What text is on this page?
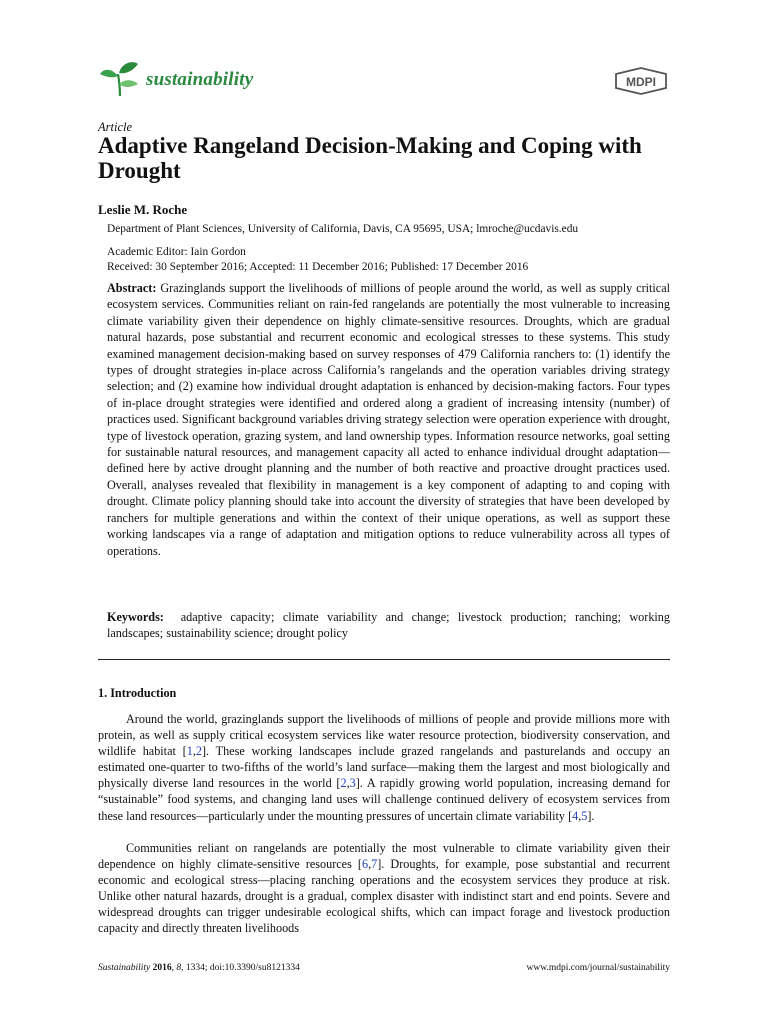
sustainability	MDPI
Article
Adaptive Rangeland Decision-Making and Coping with Drought
Leslie M. Roche
Department of Plant Sciences, University of California, Davis, CA 95695, USA; lmroche@ucdavis.edu
Academic Editor: Iain Gordon
Received: 30 September 2016; Accepted: 11 December 2016; Published: 17 December 2016

Abstract: Grazinglands support the livelihoods of millions of people around the world, as well as supply critical ecosystem services. Communities reliant on rain-fed rangelands are potentially the most vulnerable to increasing climate variability given their dependence on highly climate-sensitive resources. Droughts, which are gradual natural hazards, pose substantial and recurrent economic and ecological stresses to these systems. This study examined management decision-making based on survey responses of 479 California ranchers to: (1) identify the types of drought strategies in-place across California’s rangelands and the operation variables driving strategy selection; and (2) examine how individual drought adaptation is enhanced by decision-making factors. Four types of in-place drought strategies were identified and ordered along a gradient of increasing intensity (number) of practices used. Significant background variables driving strategy selection were operation experience with drought, type of livestock operation, grazing system, and land ownership types. Information resource networks, goal setting for sustainable natural resources, and management capacity all acted to enhance individual drought adaptation—defined here by active drought planning and the number of both reactive and proactive drought practices used. Overall, analyses revealed that flexibility in management is a key component of adapting to and coping with drought. Climate policy planning should take into account the diversity of strategies that have been developed by ranchers for multiple generations and within the context of their unique operations, as well as support these working landscapes via a range of adaptation and mitigation options to reduce vulnerability across all types of operations.

Keywords: adaptive capacity; climate variability and change; livestock production; ranching; working landscapes; sustainability science; drought policy

1. Introduction

Around the world, grazinglands support the livelihoods of millions of people and provide millions more with protein, as well as supply critical ecosystem services like water resource protection, biodiversity conservation, and wildlife habitat [1,2]. These working landscapes include grazed rangelands and pasturelands and occupy an estimated one-quarter to two-fifths of the world’s land surface—making them the largest and most biologically and physically diverse land resources in the world [2,3]. A rapidly growing world population, increasing demand for “sustainable” food systems, and changing land uses will challenge continued delivery of ecosystem services from these land resources—particularly under the mounting pressures of uncertain climate variability [4,5].

Communities reliant on rangelands are potentially the most vulnerable to climate variability given their dependence on highly climate-sensitive resources [6,7]. Droughts, for example, pose substantial and recurrent economic and ecological stress—placing ranching operations and the ecosystem services they produce at risk. Unlike other natural hazards, drought is a gradual, complex disaster with indistinct start and end points. Severe and widespread droughts can trigger undesirable ecological shifts, which can impact forage and livestock production capacity and directly threaten livelihoods

Sustainability 2016, 8, 1334; doi:10.3390/su8121334	www.mdpi.com/journal/sustainability
